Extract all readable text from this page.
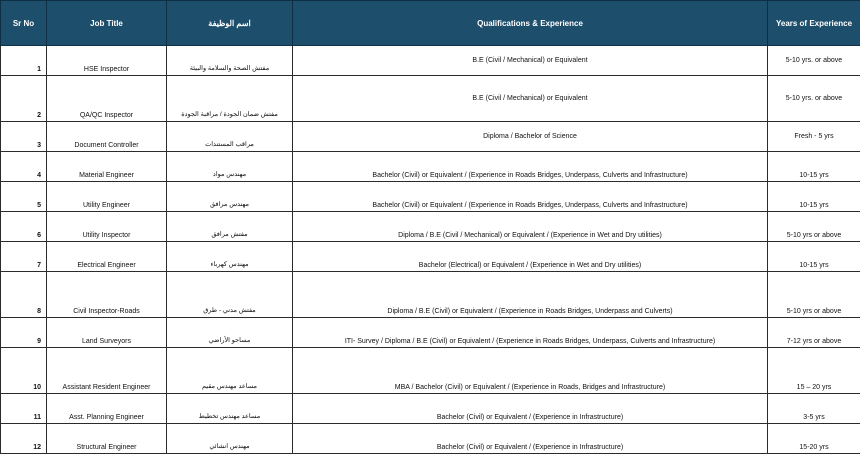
Sr No	Job Title	اسم الوظيفة	Qualifications & Experience	Years of Experience
1	HSE Inspector	مفتش الصحة والسلامة والبيئة	B.E (Civil / Mechanical) or Equivalent	5-10 yrs. or above
2	QA/QC Inspector	مفتش ضمان الجودة / مراقبة الجودة	B.E (Civil / Mechanical) or Equivalent	5-10 yrs. or above
3	Document Controller	مراقب المستندات	Diploma / Bachelor of Science	Fresh - 5 yrs
4	Material Engineer	مهندس مواد	Bachelor (Civil) or Equivalent / (Experience in Roads Bridges, Underpass, Culverts and Infrastructure)	10-15 yrs
5	Utility Engineer	مهندس مرافق	Bachelor (Civil) or Equivalent / (Experience in Roads Bridges, Underpass, Culverts and Infrastructure)	10-15 yrs
6	Utility Inspector	مفتش مرافق	Diploma / B.E (Civil / Mechanical) or Equivalent / (Experience in Wet and Dry utilities)	5-10 yrs or above
7	Electrical Engineer	مهندس كهرباء	Bachelor (Electrical) or Equivalent / (Experience in Wet and Dry utilities)	10-15 yrs
8	Civil Inspector-Roads	مفتش مدني - طرق	Diploma / B.E (Civil) or Equivalent / (Experience in Roads Bridges, Underpass and Culverts)	5-10 yrs or above
9	Land Surveyors	مساحو الأراضي	ITI- Survey / Diploma / B.E (Civil) or Equivalent / (Experience in Roads Bridges, Underpass, Culverts and Infrastructure)	7-12 yrs or above
10	Assistant Resident Engineer	مساعد مهندس مقيم	MBA / Bachelor (Civil) or Equivalent / (Experience in Roads, Bridges and Infrastructure)	15 – 20 yrs
11	Asst. Planning Engineer	مساعد مهندس تخطيط	Bachelor (Civil) or Equivalent / (Experience in Infrastructure)	3-5 yrs
12	Structural Engineer	مهندس انشائي	Bachelor (Civil) or Equivalent / (Experience in Infrastructure)	15-20 yrs
